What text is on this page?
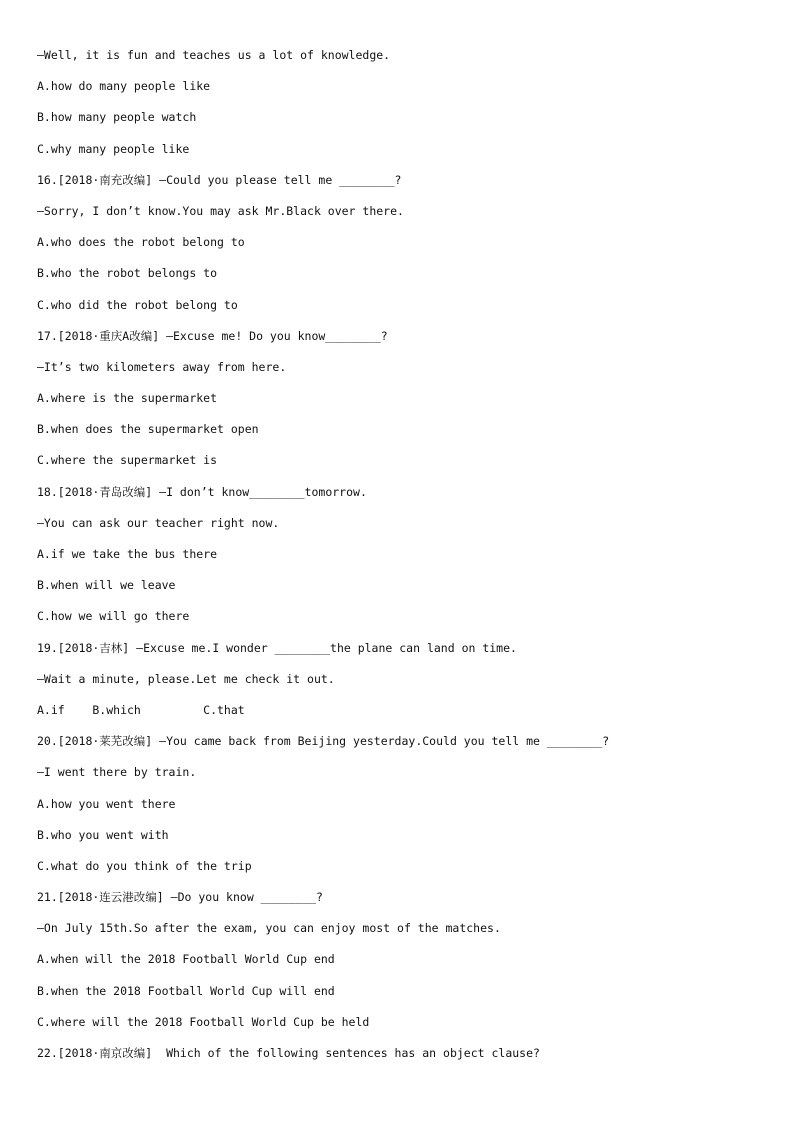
—Well, it is fun and teaches us a lot of knowledge.
A.how do many people like
B.how many people watch
C.why many people like
16.[2018·南充改编] —Could you please tell me ________?
—Sorry, I don’t know.You may ask Mr.Black over there.
A.who does the robot belong to
B.who the robot belongs to
C.who did the robot belong to
17.[2018·重庆A改编] —Excuse me! Do you know________?
—It’s two kilometers away from here.
A.where is the supermarket
B.when does the supermarket open
C.where the supermarket is
18.[2018·青岛改编] —I don’t know________tomorrow.
—You can ask our teacher right now.
A.if we take the bus there
B.when will we leave
C.how we will go there
19.[2018·吉林] —Excuse me.I wonder ________the plane can land on time.
—Wait a minute, please.Let me check it out.
A.if    B.which         C.that
20.[2018·莱芜改编] —You came back from Beijing yesterday.Could you tell me ________?
—I went there by train.
A.how you went there
B.who you went with
C.what do you think of the trip
21.[2018·连云港改编] —Do you know ________?
—On July 15th.So after the exam, you can enjoy most of the matches.
A.when will the 2018 Football World Cup end
B.when the 2018 Football World Cup will end
C.where will the 2018 Football World Cup be held
22.[2018·南京改编]  Which of the following sentences has an object clause?
